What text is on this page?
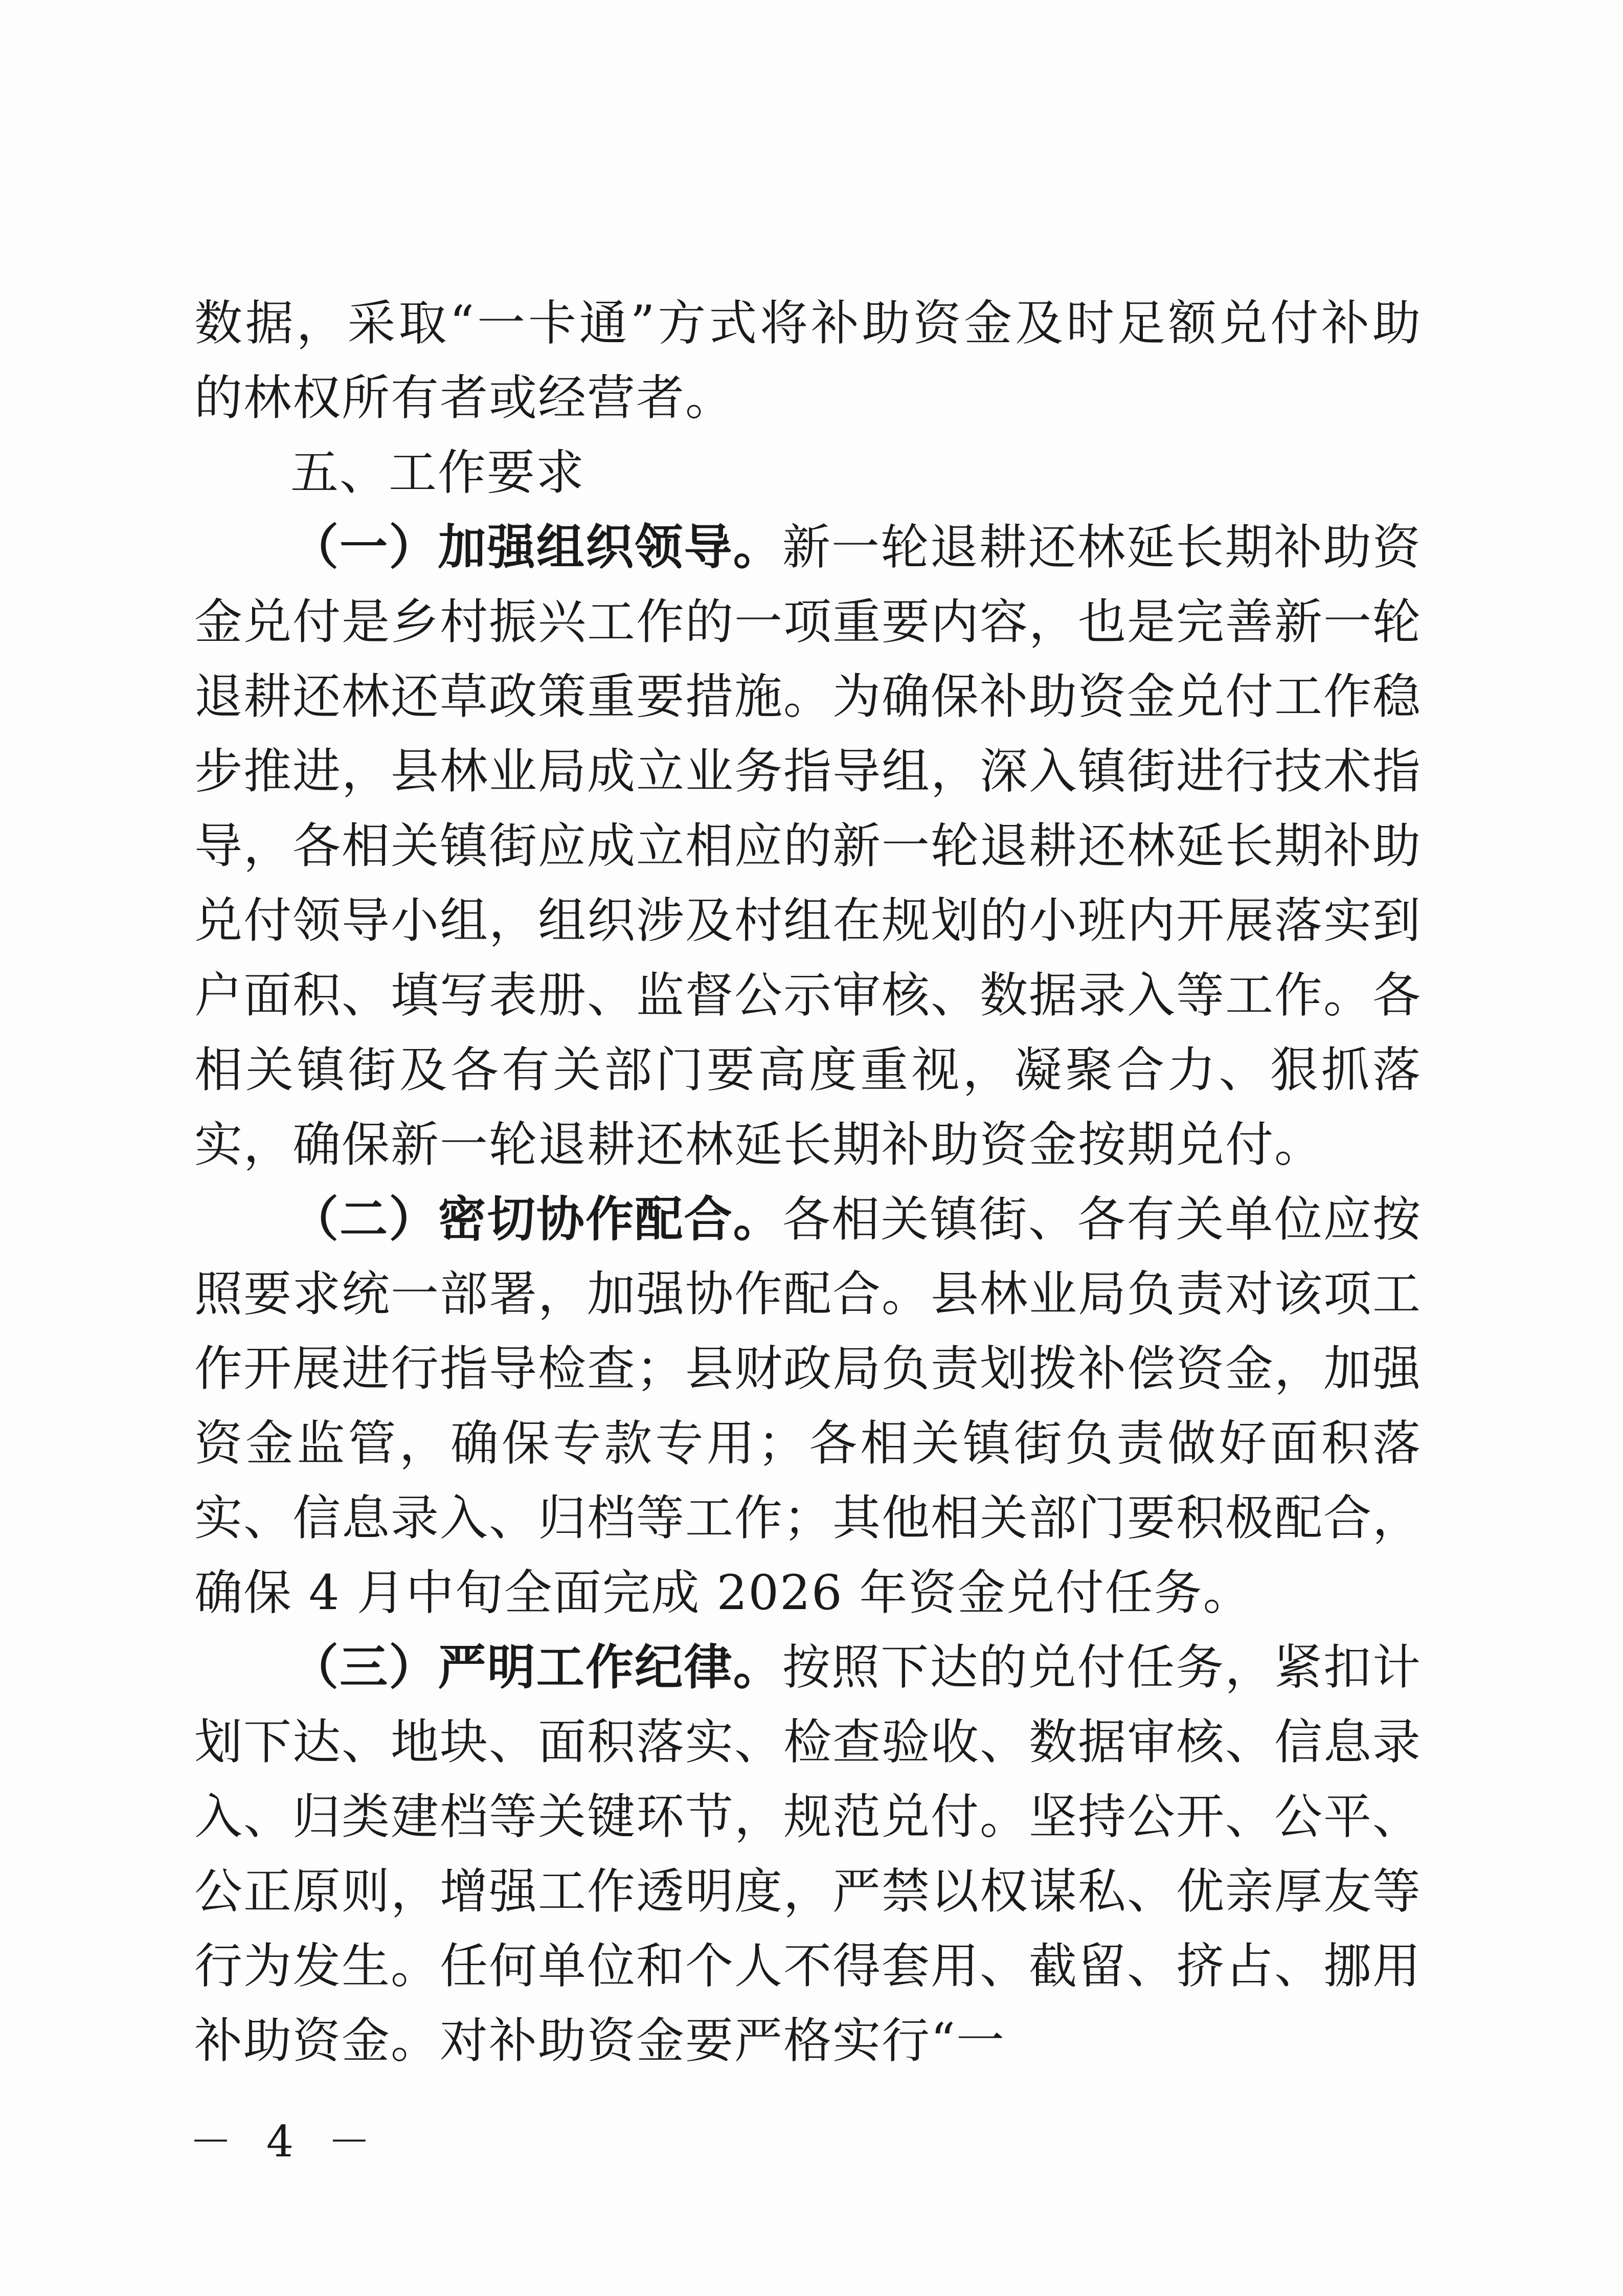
数据，采取“一卡通”方式将补助资金及时足额兑付补助的林权所有者或经营者。

五、工作要求

（一）加强组织领导。新一轮退耕还林延长期补助资金兑付是乡村振兴工作的一项重要内容，也是完善新一轮退耕还林还草政策重要措施。为确保补助资金兑付工作稳步推进，县林业局成立业务指导组，深入镇街进行技术指导，各相关镇街应成立相应的新一轮退耕还林延长期补助兑付领导小组，组织涉及村组在规划的小班内开展落实到户面积、填写表册、监督公示审核、数据录入等工作。各相关镇街及各有关部门要高度重视，凝聚合力、狠抓落实，确保新一轮退耕还林延长期补助资金按期兑付。

（二）密切协作配合。各相关镇街、各有关单位应按照要求统一部署，加强协作配合。县林业局负责对该项工作开展进行指导检查；县财政局负责划拨补偿资金，加强资金监管，确保专款专用；各相关镇街负责做好面积落实、信息录入、归档等工作；其他相关部门要积极配合，确保 4 月中旬全面完成 2026 年资金兑付任务。

（三）严明工作纪律。按照下达的兑付任务，紧扣计划下达、地块、面积落实、检查验收、数据审核、信息录入、归类建档等关键环节，规范兑付。坚持公开、公平、公正原则，增强工作透明度，严禁以权谋私、优亲厚友等行为发生。任何单位和个人不得套用、截留、挤占、挪用补助资金。对补助资金要严格实行“一

－ 4 －
